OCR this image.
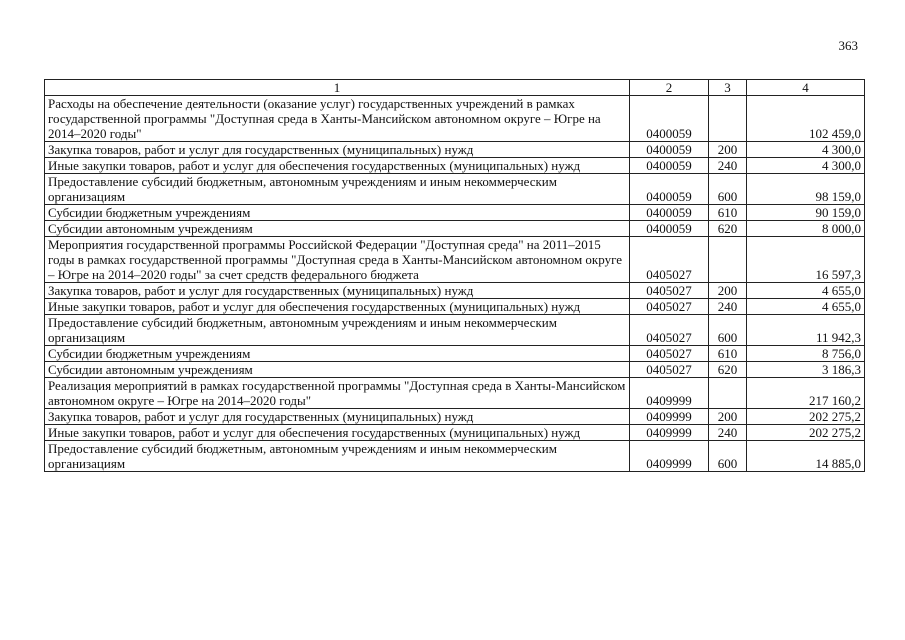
363
1	2	3	4
Расходы на обеспечение деятельности (оказание услуг) государственных учреждений в рамках государственной программы "Доступная среда в Ханты-Мансийском автономном округе – Югре на 2014–2020 годы"	0400059		102 459,0
Закупка товаров, работ и услуг для государственных (муниципальных) нужд	0400059	200	4 300,0
Иные закупки товаров, работ и услуг для обеспечения государственных (муниципальных) нужд	0400059	240	4 300,0
Предоставление субсидий бюджетным, автономным учреждениям и иным некоммерческим организациям	0400059	600	98 159,0
Субсидии бюджетным учреждениям	0400059	610	90 159,0
Субсидии автономным учреждениям	0400059	620	8 000,0
Мероприятия государственной программы Российской Федерации "Доступная среда" на 2011–2015 годы в рамках государственной программы "Доступная среда в Ханты-Мансийском автономном округе – Югре на 2014–2020 годы" за счет средств федерального бюджета	0405027		16 597,3
Закупка товаров, работ и услуг для государственных (муниципальных) нужд	0405027	200	4 655,0
Иные закупки товаров, работ и услуг для обеспечения государственных (муниципальных) нужд	0405027	240	4 655,0
Предоставление субсидий бюджетным, автономным учреждениям и иным некоммерческим организациям	0405027	600	11 942,3
Субсидии бюджетным учреждениям	0405027	610	8 756,0
Субсидии автономным учреждениям	0405027	620	3 186,3
Реализация мероприятий в рамках государственной программы "Доступная среда в Ханты-Мансийском автономном округе – Югре на 2014–2020 годы"	0409999		217 160,2
Закупка товаров, работ и услуг для государственных (муниципальных) нужд	0409999	200	202 275,2
Иные закупки товаров, работ и услуг для обеспечения государственных (муниципальных) нужд	0409999	240	202 275,2
Предоставление субсидий бюджетным, автономным учреждениям и иным некоммерческим организациям	0409999	600	14 885,0
